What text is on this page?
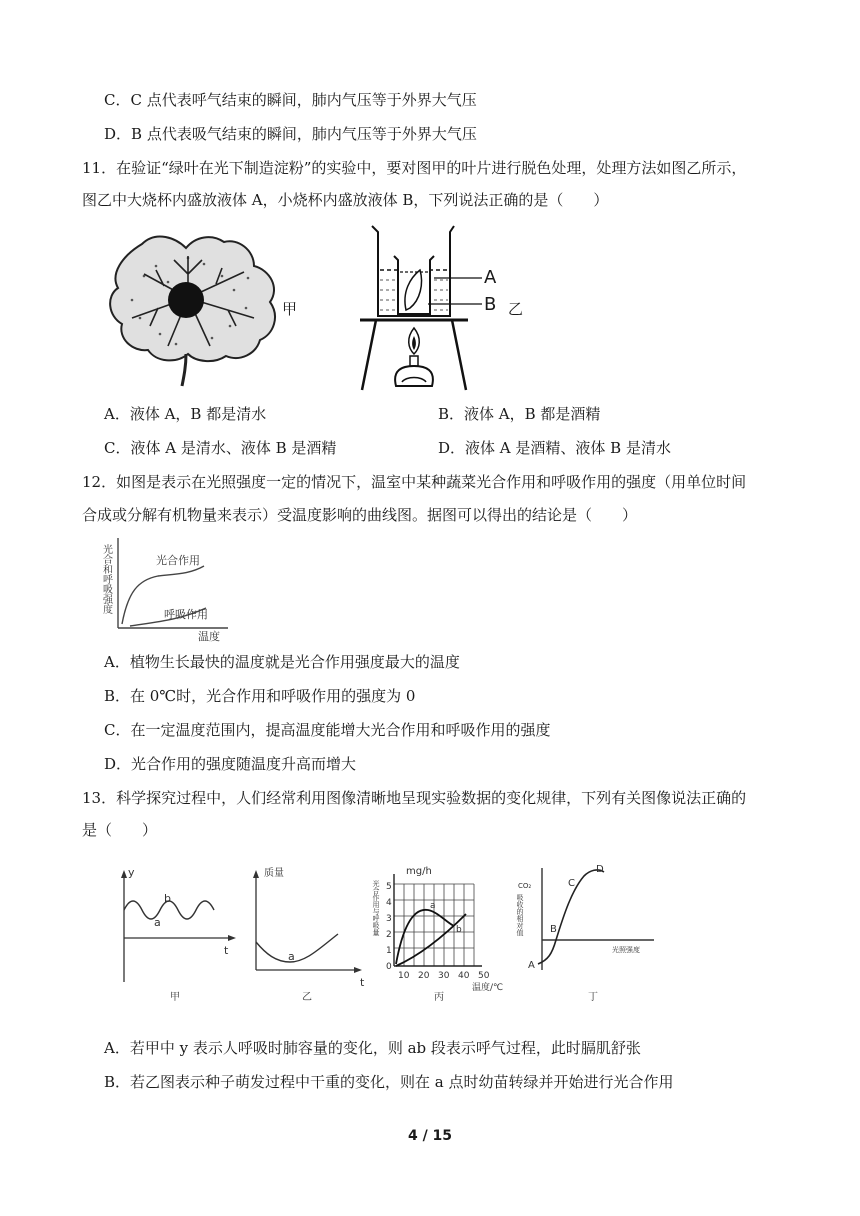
C．C 点代表呼气结束的瞬间，肺内气压等于外界大气压
D．B 点代表吸气结束的瞬间，肺内气压等于外界大气压
11．在验证“绿叶在光下制造淀粉”的实验中，要对图甲的叶片进行脱色处理，处理方法如图乙所示，
图乙中大烧杯内盛放液体 A，小烧杯内盛放液体 B，下列说法正确的是（　　）
甲
A
B 乙
A．液体 A，B 都是清水	B．液体 A，B 都是酒精
C．液体 A 是清水、液体 B 是酒精	D．液体 A 是酒精、液体 B 是清水
12．如图是表示在光照强度一定的情况下，温室中某种蔬菜光合作用和呼吸作用的强度（用单位时间
合成或分解有机物量来表示）受温度影响的曲线图。据图可以得出的结论是（　　）
光合作用
呼吸作用
温度
光合和呼吸强度
A．植物生长最快的温度就是光合作用强度最大的温度
B．在 0℃时，光合作用和呼吸作用的强度为 0
C．在一定温度范围内，提高温度能增大光合作用和呼吸作用的强度
D．光合作用的强度随温度升高而增大
13．科学探究过程中，人们经常利用图像清晰地呈现实验数据的变化规律，下列有关图像说法正确的
是（　　）
y
t
b
a
甲
质量
t
a
乙
0
1
2
3
4
5
10 20 30 40 50
mg/h
光合作用与呼吸量	a
b
温度/℃
丙
A
B
C
D
CO₂
吸收的相对值
光照强度
丁
A．若甲中 y 表示人呼吸时肺容量的变化，则 ab 段表示呼气过程，此时膈肌舒张
B．若乙图表示种子萌发过程中干重的变化，则在 a 点时幼苗转绿并开始进行光合作用
4 / 15
